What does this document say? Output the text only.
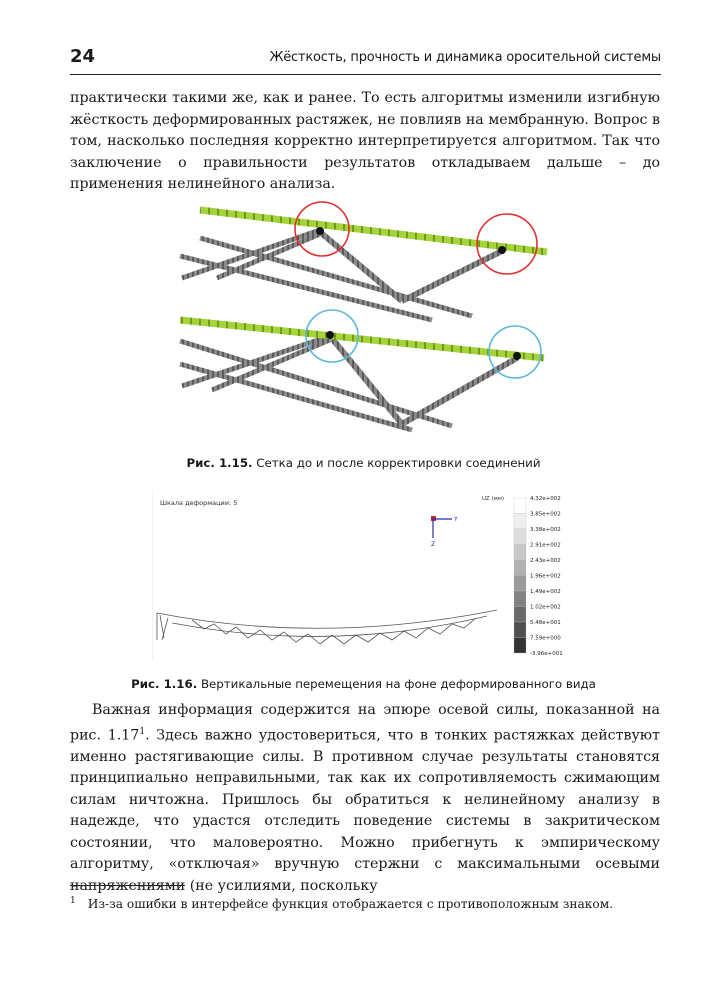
24	Жёсткость, прочность и динамика оросительной системы

практически такими же, как и ранее. То есть алгоритмы изменили изгибную жёсткость деформированных растяжек, не повлияв на мембранную. Вопрос в том, насколько последняя корректно интерпретируется алгоритмом. Так что заключение о правильности результатов откладываем дальше – до применения нелинейного анализа.

Рис. 1.15. Сетка до и после корректировки соединений
Шкала деформации: 5
Y
Z
UZ (мм)	4.32e+002
3.85e+002
3.38e+002
2.91e+002
2.43e+002
1.96e+002
1.49e+002
1.02e+002
5.48e+001
7.59e+000
-3.96e+001
Рис. 1.16. Вертикальные перемещения на фоне деформированного вида

Важная информация содержится на эпюре осевой силы, показанной на рис. 1.17$^1$. Здесь важно удостовериться, что в тонких растяжках действуют именно растягивающие силы. В противном случае результаты становятся принципиально неправильными, так как их сопротивляемость сжимающим силам ничтожна. Пришлось бы обратиться к нелинейному анализу в надежде, что удастся отследить поведение системы в закритическом состоянии, что маловероятно. Можно прибегнуть к эмпирическому алгоритму, «отключая» вручную стержни с максимальными осевыми напряжениями (не усилиями, поскольку

$^1$ Из-за ошибки в интерфейсе функция отображается с противоположным знаком.
